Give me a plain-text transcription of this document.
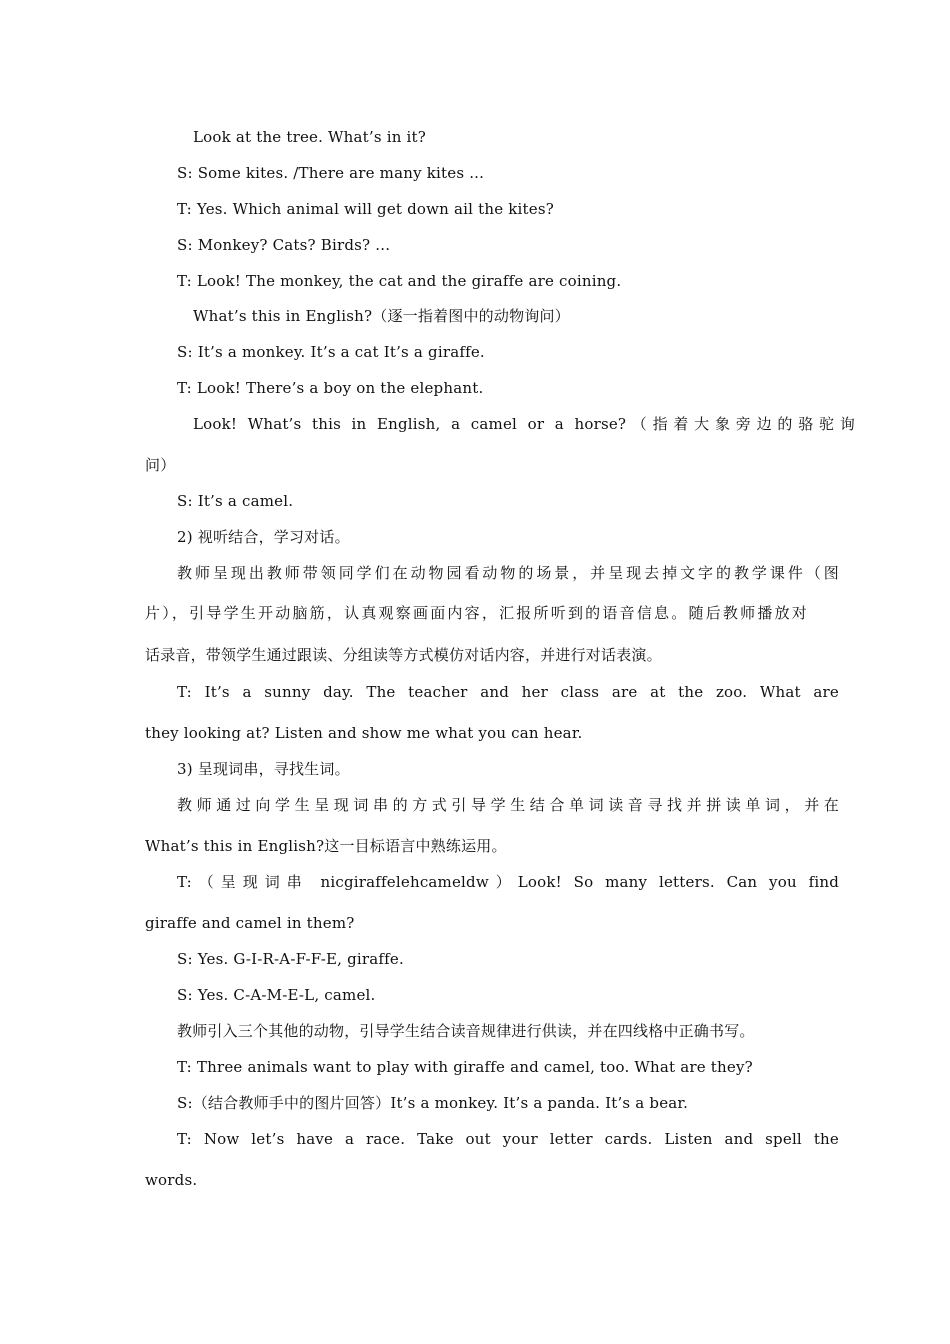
Look at the tree. What’s in it?
S: Some kites. /There are many kites ...
T: Yes. Which animal will get down ail the kites?
S: Monkey? Cats? Birds? ...
T: Look! The monkey, the cat and the giraffe are coining.
What’s this in English?（逐一指着图中的动物询问）
S: It’s a monkey. It’s a cat It’s a giraffe.
T: Look! There’s a boy on the elephant.
Look! What’s this in English, a camel or a horse?（指着大象旁边的骆驼询
问）
S: It’s a camel.
2) 视听结合，学习对话。
教师呈现出教师带领同学们在动物园看动物的场景，并呈现去掉文字的教学课件（图
片），引导学生开动脑筋，认真观察画面内容，汇报所听到的语音信息。随后教师播放对
话录音，带领学生通过跟读、分组读等方式模仿对话内容，并进行对话表演。
T: It’s a sunny day. The teacher and her class are at the zoo. What are
they looking at? Listen and show me what you can hear.
3) 呈现词串，寻找生词。
教师通过向学生呈现词串的方式引导学生结合单词读音寻找并拼读单词，并在
What’s this in English?这一目标语言中熟练运用。
T:（呈现词串 nicgiraffelehcameldw）Look! So many letters. Can you find
giraffe and camel in them?
S: Yes. G-I-R-A-F-F-E, giraffe.
S: Yes. C-A-M-E-L, camel.
教师引入三个其他的动物，引导学生结合读音规律进行供读，并在四线格中正确书写。
T: Three animals want to play with giraffe and camel, too. What are they?
S:（结合教师手中的图片回答）It’s a monkey. It’s a panda. It’s a bear.
T: Now let’s have a race. Take out your letter cards. Listen and spell the
words.
